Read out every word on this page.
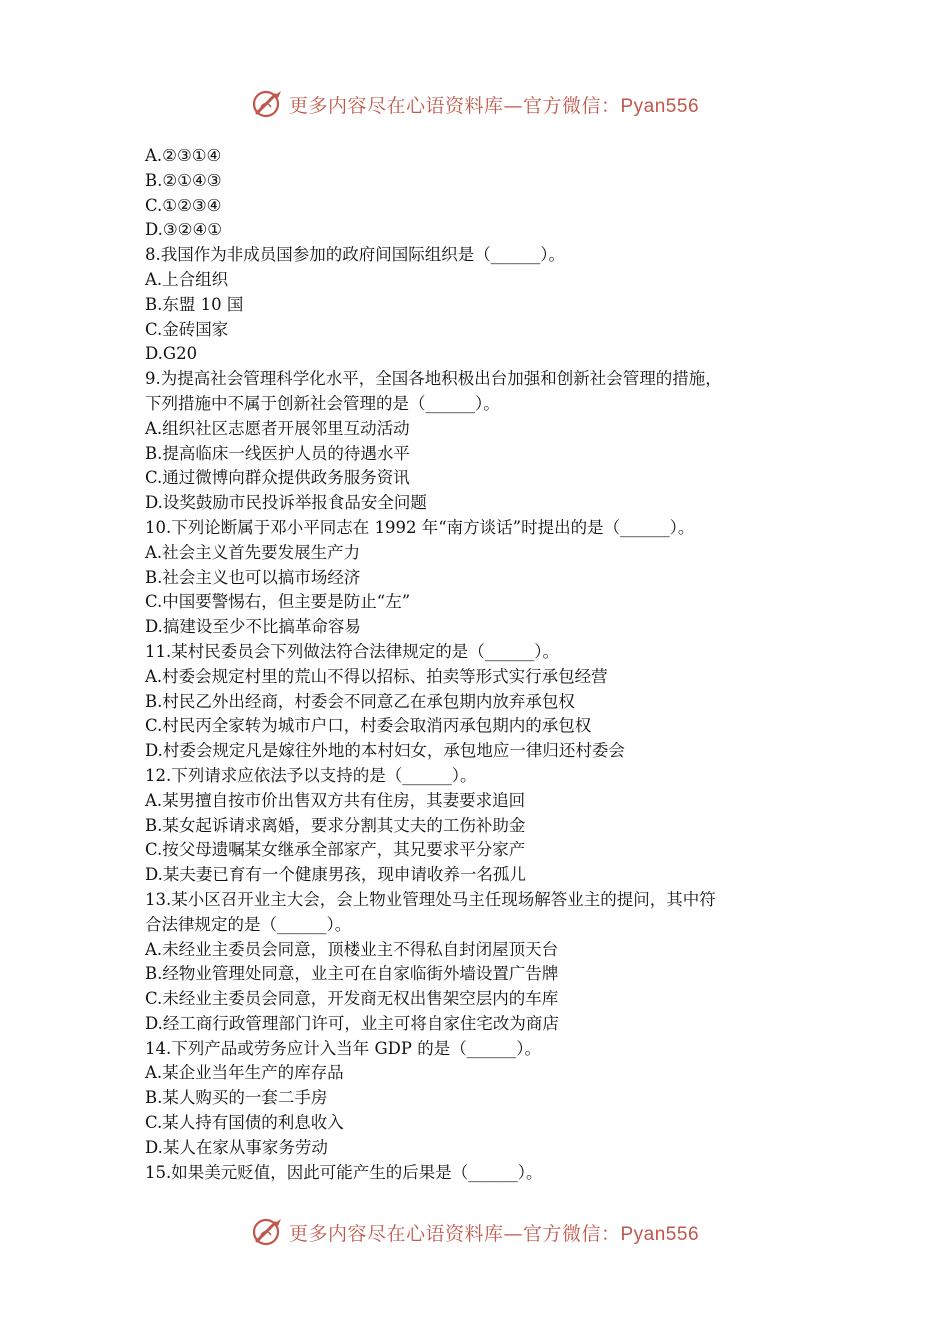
更多内容尽在心语资料库—官方微信：Pyan556
A.②③①④
B.②①④③
C.①②③④
D.③②④①
8.我国作为非成员国参加的政府间国际组织是（______）。
A.上合组织
B.东盟 10 国
C.金砖国家
D.G20
9.为提高社会管理科学化水平，全国各地积极出台加强和创新社会管理的措施，
下列措施中不属于创新社会管理的是（______）。
A.组织社区志愿者开展邻里互动活动
B.提高临床一线医护人员的待遇水平
C.通过微博向群众提供政务服务资讯
D.设奖鼓励市民投诉举报食品安全问题
10.下列论断属于邓小平同志在 1992 年“南方谈话”时提出的是（______）。
A.社会主义首先要发展生产力
B.社会主义也可以搞市场经济
C.中国要警惕右，但主要是防止“左”
D.搞建设至少不比搞革命容易
11.某村民委员会下列做法符合法律规定的是（______）。
A.村委会规定村里的荒山不得以招标、拍卖等形式实行承包经营
B.村民乙外出经商，村委会不同意乙在承包期内放弃承包权
C.村民丙全家转为城市户口，村委会取消丙承包期内的承包权
D.村委会规定凡是嫁往外地的本村妇女，承包地应一律归还村委会
12.下列请求应依法予以支持的是（______）。
A.某男擅自按市价出售双方共有住房，其妻要求追回
B.某女起诉请求离婚，要求分割其丈夫的工伤补助金
C.按父母遗嘱某女继承全部家产，其兄要求平分家产
D.某夫妻已育有一个健康男孩，现申请收养一名孤儿
13.某小区召开业主大会，会上物业管理处马主任现场解答业主的提问，其中符
合法律规定的是（______）。
A.未经业主委员会同意，顶楼业主不得私自封闭屋顶天台
B.经物业管理处同意，业主可在自家临街外墙设置广告牌
C.未经业主委员会同意，开发商无权出售架空层内的车库
D.经工商行政管理部门许可，业主可将自家住宅改为商店
14.下列产品或劳务应计入当年 GDP 的是（______）。
A.某企业当年生产的库存品
B.某人购买的一套二手房
C.某人持有国债的利息收入
D.某人在家从事家务劳动
15.如果美元贬值，因此可能产生的后果是（______）。
更多内容尽在心语资料库—官方微信：Pyan556
